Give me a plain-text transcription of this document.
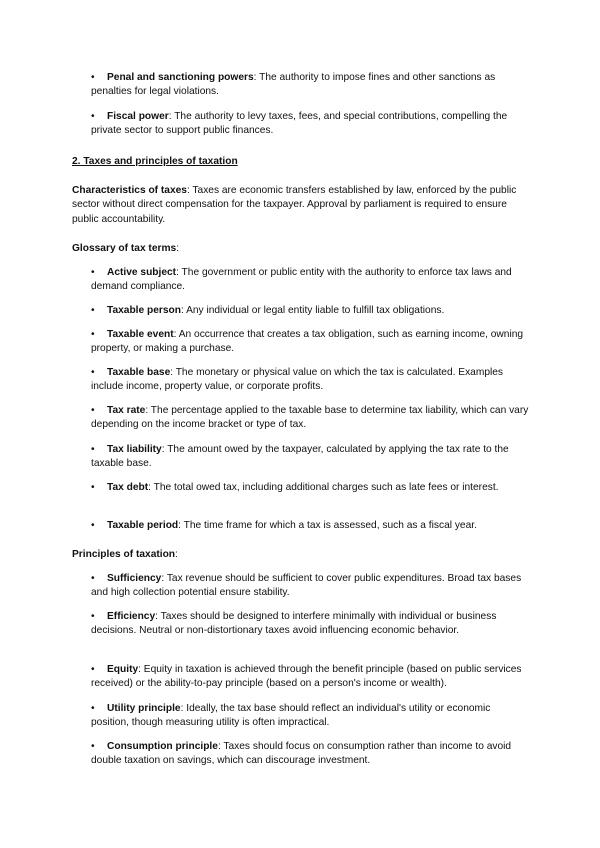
• Penal and sanctioning powers: The authority to impose fines and other sanctions as penalties for legal violations.
• Fiscal power: The authority to levy taxes, fees, and special contributions, compelling the private sector to support public finances.
2. Taxes and principles of taxation
Characteristics of taxes: Taxes are economic transfers established by law, enforced by the public sector without direct compensation for the taxpayer. Approval by parliament is required to ensure public accountability.
Glossary of tax terms:
• Active subject: The government or public entity with the authority to enforce tax laws and demand compliance.
• Taxable person: Any individual or legal entity liable to fulfill tax obligations.
• Taxable event: An occurrence that creates a tax obligation, such as earning income, owning property, or making a purchase.
• Taxable base: The monetary or physical value on which the tax is calculated. Examples include income, property value, or corporate profits.
• Tax rate: The percentage applied to the taxable base to determine tax liability, which can vary depending on the income bracket or type of tax.
• Tax liability: The amount owed by the taxpayer, calculated by applying the tax rate to the taxable base.
• Tax debt: The total owed tax, including additional charges such as late fees or interest.
• Taxable period: The time frame for which a tax is assessed, such as a fiscal year.
Principles of taxation:
• Sufficiency: Tax revenue should be sufficient to cover public expenditures. Broad tax bases and high collection potential ensure stability.
• Efficiency: Taxes should be designed to interfere minimally with individual or business decisions. Neutral or non-distortionary taxes avoid influencing economic behavior.
• Equity: Equity in taxation is achieved through the benefit principle (based on public services received) or the ability-to-pay principle (based on a person's income or wealth).
• Utility principle: Ideally, the tax base should reflect an individual's utility or economic position, though measuring utility is often impractical.
• Consumption principle: Taxes should focus on consumption rather than income to avoid double taxation on savings, which can discourage investment.
